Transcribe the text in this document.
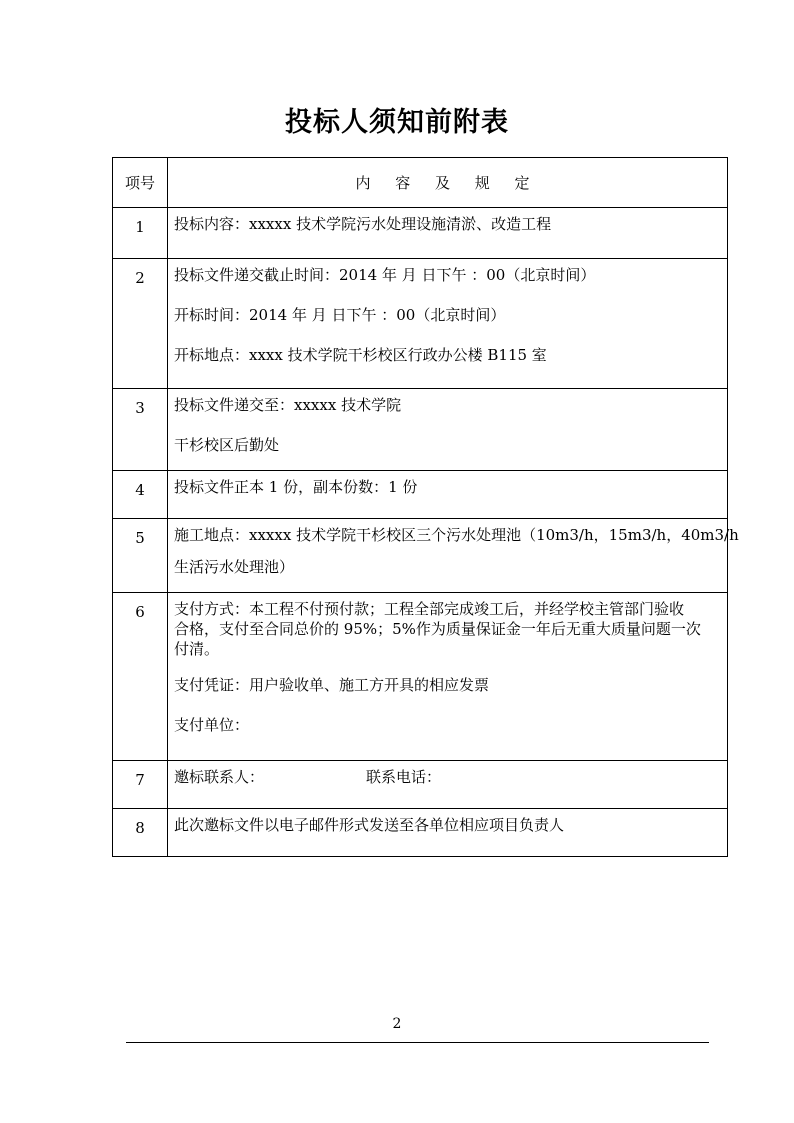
投标人须知前附表
项号	内 容 及 规 定
1	投标内容：xxxxx 技术学院污水处理设施清淤、改造工程

2	投标文件递交截止时间：2014 年 月 日下午 ：00（北京时间）
开标时间：2014 年 月 日下午 ：00（北京时间）
开标地点：xxxx 技术学院干杉校区行政办公楼 B115 室

3	投标文件递交至：xxxxx 技术学院
干杉校区后勤处

4	投标文件正本 1 份，副本份数：1 份

5	施工地点：xxxxx 技术学院干杉校区三个污水处理池（10m3/h，15m3/h，40m3/h
生活污水处理池）

6	支付方式：本工程不付预付款；工程全部完成竣工后，并经学校主管部门验收
合格，支付至合同总价的 95%；5%作为质量保证金一年后无重大质量问题一次
付清。
支付凭证：用户验收单、施工方开具的相应发票
支付单位：

7	邀标联系人： 联系电话：

8	此次邀标文件以电子邮件形式发送至各单位相应项目负责人
2
